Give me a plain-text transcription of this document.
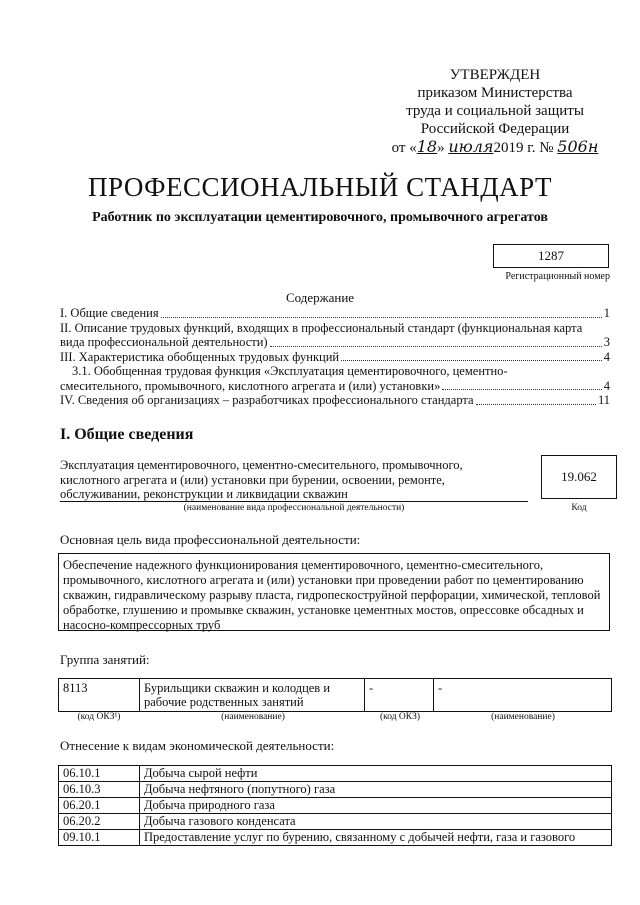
УТВЕРЖДЕН
приказом Министерства
труда и социальной защиты
Российской Федерации
от «18» июля2019 г. № 506н
ПРОФЕССИОНАЛЬНЫЙ СТАНДАРТ
Работник по эксплуатации цементировочного, промывочного агрегатов
1287
Регистрационный номер
Содержание
I. Общие сведения	1
II. Описание трудовых функций, входящих в профессиональный стандарт (функциональная карта
вида профессиональной деятельности)	3
III. Характеристика обобщенных трудовых функций	4
3.1. Обобщенная трудовая функция «Эксплуатация цементировочного, цементно-
смесительного, промывочного, кислотного агрегата и (или) установки»	4
IV. Сведения об организациях – разработчиках профессионального стандарта	11
I. Общие сведения
Эксплуатация цементировочного, цементно-смесительного, промывочного, кислотного агрегата и (или) установки при бурении, освоении, ремонте, обслуживании, реконструкции и ликвидации скважин
19.062
(наименование вида профессиональной деятельности)	Код
Основная цель вида профессиональной деятельности:
Обеспечение надежного функционирования цементировочного, цементно-смесительного, промывочного, кислотного агрегата и (или) установки при проведении работ по цементированию скважин, гидравлическому разрыву пласта, гидропескоструйной перфорации, химической, тепловой обработке, глушению и промывке скважин, установке цементных мостов, опрессовке обсадных и насосно-компрессорных труб
Группа занятий:
8113	Бурильщики скважин и колодцев и рабочие родственных занятий	-	-
(код ОКЗ¹)	(наименование)	(код ОКЗ)	(наименование)
Отнесение к видам экономической деятельности:
06.10.1	Добыча сырой нефти
06.10.3	Добыча нефтяного (попутного) газа
06.20.1	Добыча природного газа
06.20.2	Добыча газового конденсата
09.10.1	Предоставление услуг по бурению, связанному с добычей нефти, газа и газового
